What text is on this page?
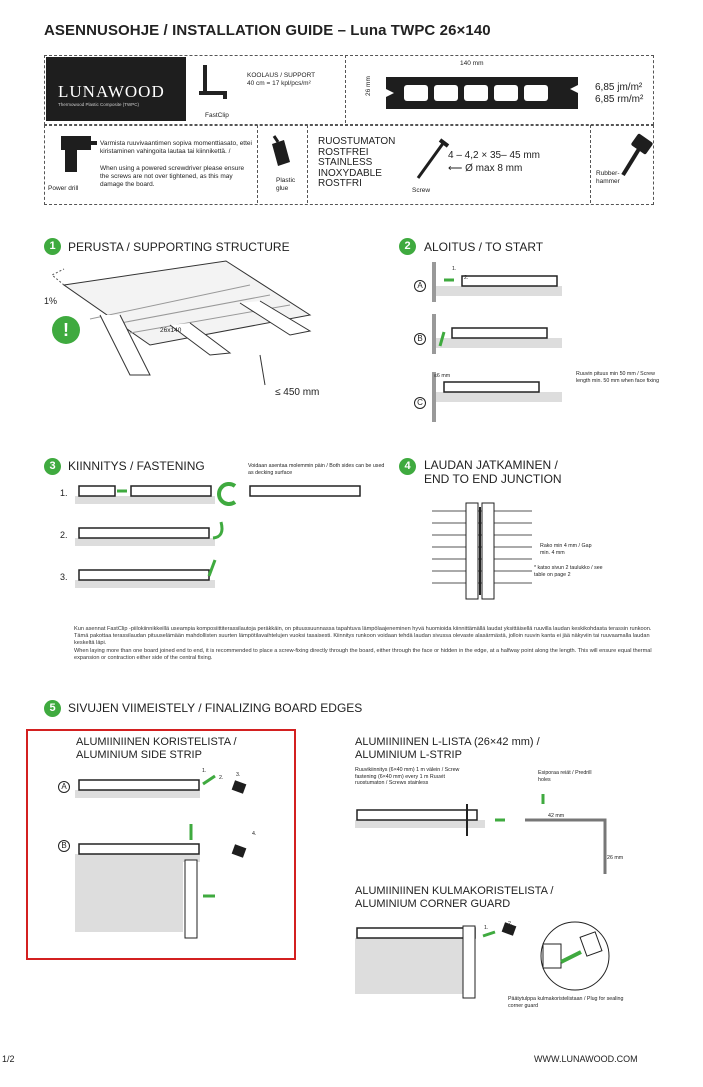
ASENNUSOHJE / INSTALLATION GUIDE – Luna TWPC 26×140
LUNAWOOD
Thermowood Plastic Composite (TWPC)
FastClip
KOOLAUS / SUPPORT
40 cm = 17 kpl/pcs/m²
140 mm
26 mm	6,85 jm/m²
6,85 rm/m²
Power drill
Varmista ruuvivaantimen sopiva momenttiasato, ettei kiristaminen vahingoita lautaa tai kiinnikettä. /
When using a powered screwdriver please ensure the screws are not over tightened, as this may damage the board.
Plastic glue
RUOSTUMATON
ROSTFREI
STAINLESS
INOXYDABLE
ROSTFRI
Screw
4 – 4,2 × 35– 45 mm
⟵ Ø max 8 mm	Rubber-hammer
1	PERUSTA / SUPPORTING STRUCTURE
1%
!	26x140
≤ 450 mm
2	ALOITUS / TO START
A
B
C
≤6 mm	Ruuvin pituus min 50 mm / Screw length min. 50 mm when face fixing
1.
2.
3	KIINNITYS / FASTENING	Voidaan asentaa molemmin päin / Both sides can be used as decking surface
1.
2.
3.
4	LAUDAN JATKAMINEN /
END TO END JUNCTION
Rako min 4 mm / Gap min. 4 mm
* katso sivun 2 taulukko / see table on page 2
Kun asennat FastClip -piilokiinnikkeillä useampia komposiittiterassilautoja peräkkäin, on pituussuunnassa tapahtuva lämpölaajeneminen hyvä huomioida kiinnittämällä laudat yksittäisellä ruuvilla laudan keskikohdasta terassin runkoon. Tämä pakottaa terassilaudan pituuselämään mahdollisten suurten lämpötilavaihtelujen vuoksi tasaisesti. Kiinnitys runkoon voidaan tehdä laudan sivussa olevaste alasärmästä, jolloin ruuvin kanta ei jää näkyviin tai ruuvaamalla laudan keskeltä läpi.
When laying more than one board joined end to end, it is recommended to place a screw-fixing directly through the board, either through the face or hidden in the edge, at a halfway point along the length. This will ensure equal thermal expansion or contraction either side of the central fixing.
5	SIVUJEN VIIMEISTELY / FINALIZING BOARD EDGES
ALUMIINIINEN KORISTELISTA /
ALUMINIUM SIDE STRIP
A
B
1.
2. 3.
4.
ALUMIINIINEN L-LISTA (26×42 mm) /
ALUMINIUM L-STRIP
Ruuvikiinnitys (6×40 mm) 1 m välein / Screw fastening (6×40 mm) every 1 m Ruuvit ruostumaton / Screws stainless
Esiporaa reiät / Predrill holes
42 mm
26 mm
ALUMIINIINEN KULMAKORISTELISTA /
ALUMINIUM CORNER GUARD
Päätytulppa kulmakoristelistaan / Plug for sealing corner guard
1.
2.
1/2	WWW.LUNAWOOD.COM
